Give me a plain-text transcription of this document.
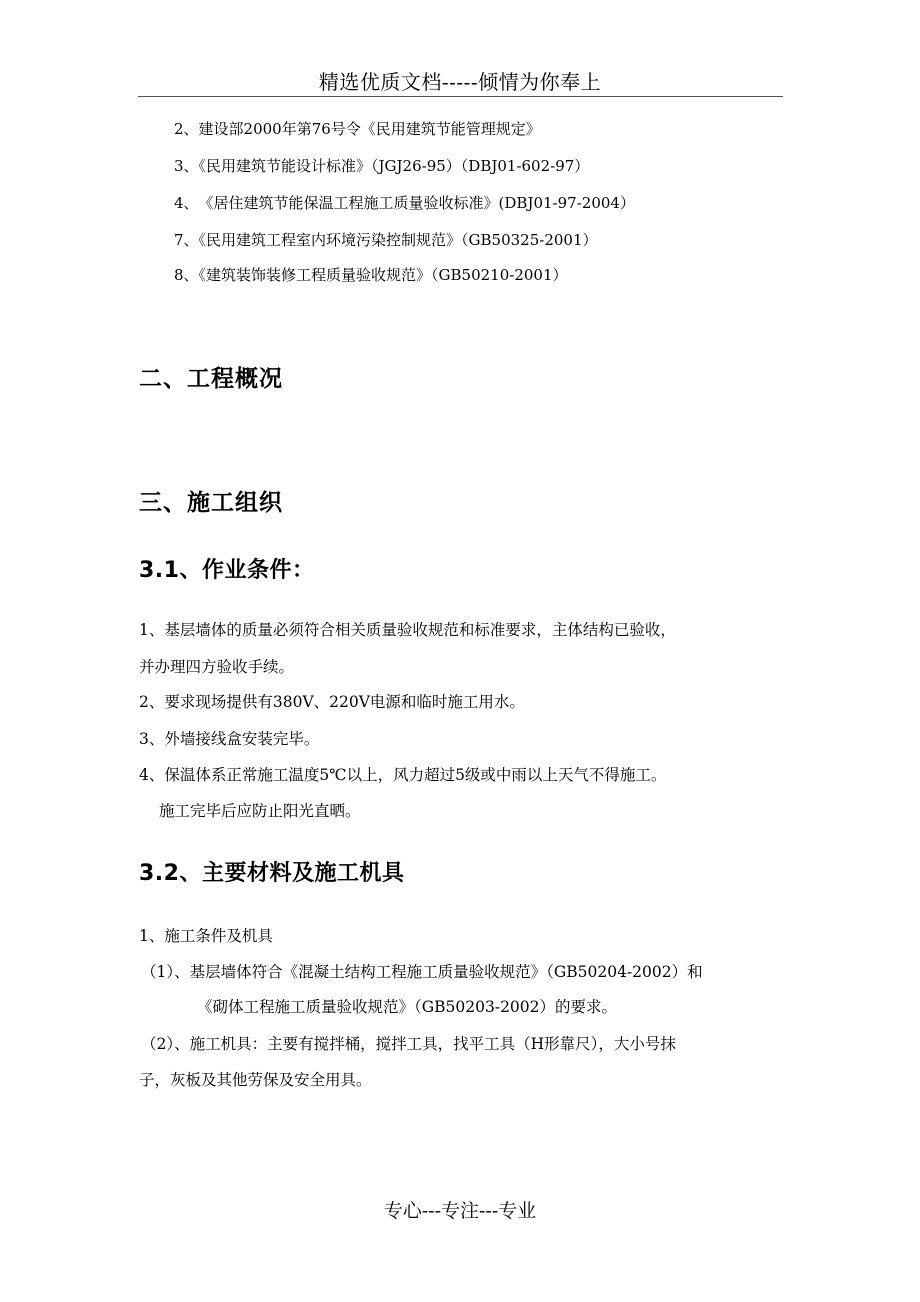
精选优质文档-----倾情为你奉上
2、建设部2000年第76号令《民用建筑节能管理规定》
3、《民用建筑节能设计标准》（JGJ26-95）（DBJ01-602-97）
4、　《居住建筑节能保温工程施工质量验收标准》(DBJ01-97-2004）
7、《民用建筑工程室内环境污染控制规范》（GB50325-2001）
8、《建筑装饰装修工程质量验收规范》（GB50210-2001）
二、工程概况
三、施工组织
3.1、作业条件：
1、基层墙体的质量必须符合相关质量验收规范和标准要求，主体结构已验收，
并办理四方验收手续。
2、要求现场提供有380V、220V电源和临时施工用水。
3、外墙接线盒安装完毕。
4、保温体系正常施工温度5℃以上，风力超过5级或中雨以上天气不得施工。
施工完毕后应防止阳光直晒。
3.2、主要材料及施工机具
1、施工条件及机具
（1）、基层墙体符合《混凝土结构工程施工质量验收规范》（GB50204-2002）和
《砌体工程施工质量验收规范》（GB50203-2002）的要求。
（2）、施工机具：主要有搅拌桶，搅拌工具，找平工具（H形靠尺），大小号抹
子，灰板及其他劳保及安全用具。
专心---专注---专业
